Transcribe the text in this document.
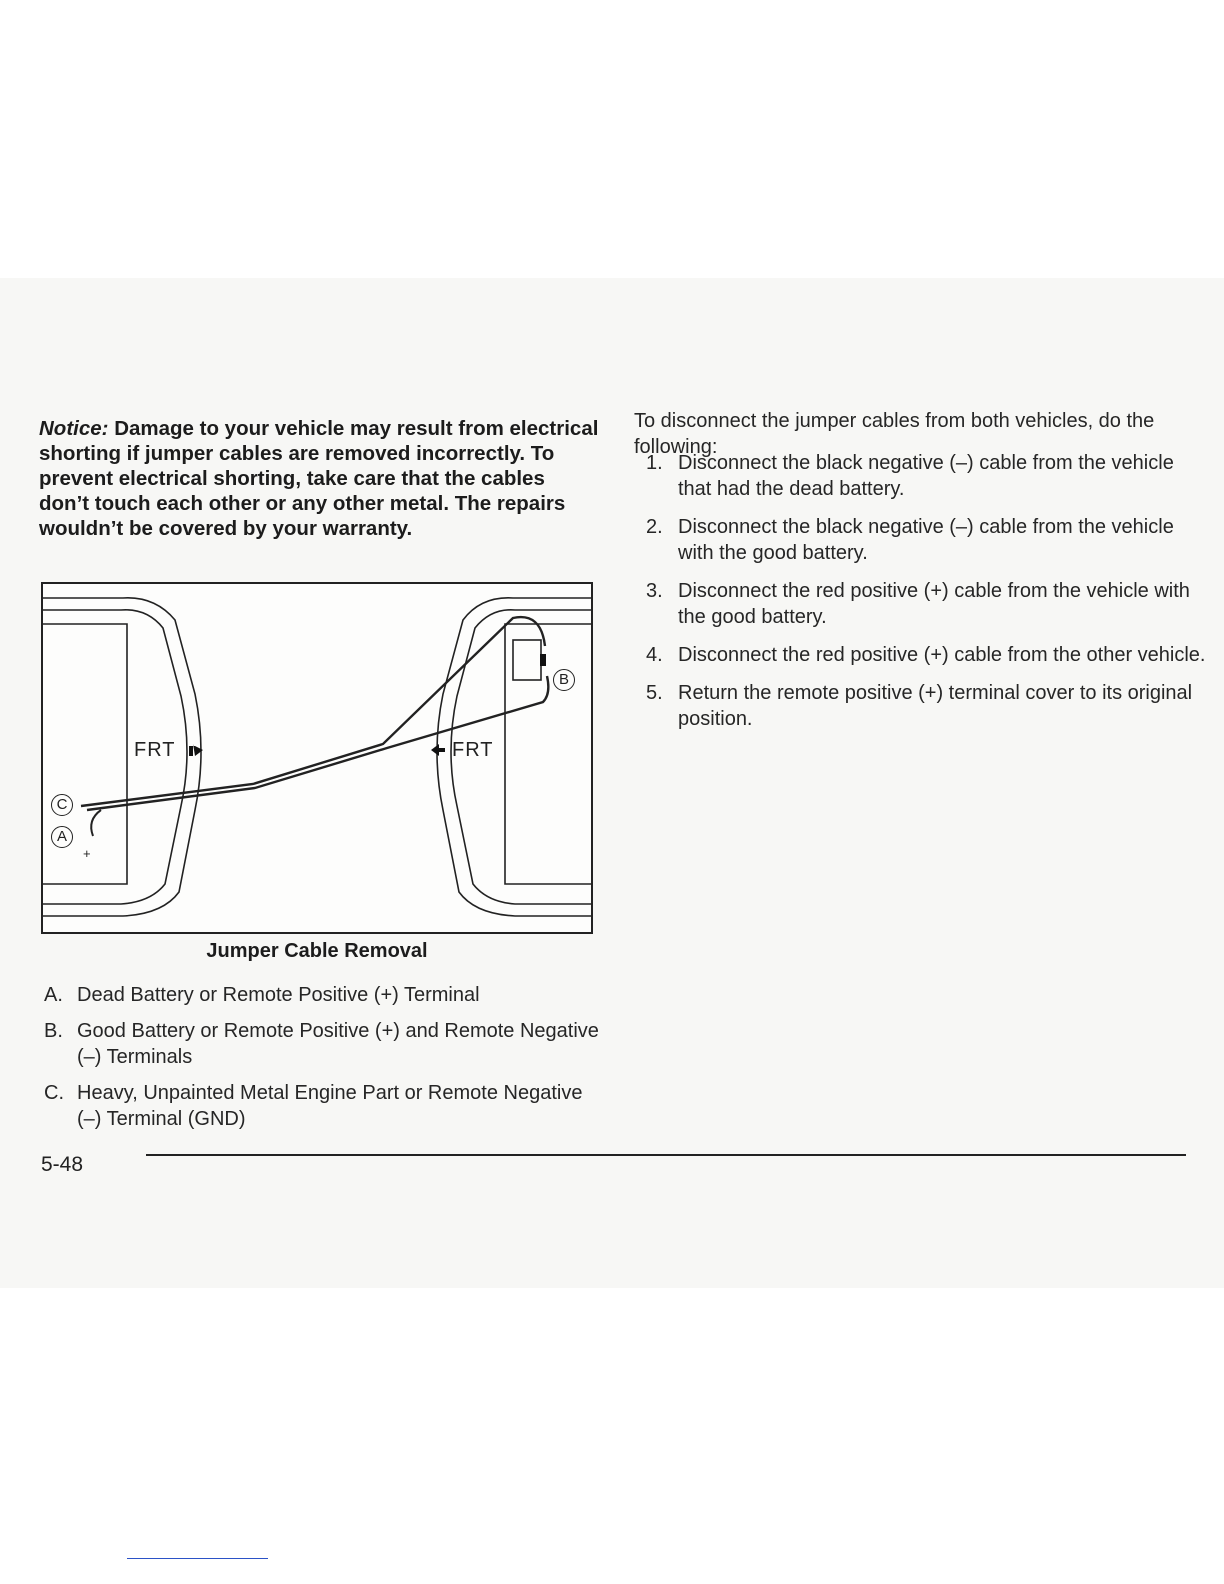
Notice: Damage to your vehicle may result from electrical shorting if jumper cables are removed incorrectly. To prevent electrical shorting, take care that the cables don’t touch each other or any other metal. The repairs wouldn’t be covered by your warranty.

FRT	FRT
C
A
B
+
Jumper Cable Removal
A. Dead Battery or Remote Positive (+) Terminal
B. Good Battery or Remote Positive (+) and Remote Negative (–) Terminals
C. Heavy, Unpainted Metal Engine Part or Remote Negative (–) Terminal (GND)

To disconnect the jumper cables from both vehicles, do the following:

1. Disconnect the black negative (–) cable from the vehicle that had the dead battery.
2. Disconnect the black negative (–) cable from the vehicle with the good battery.
3. Disconnect the red positive (+) cable from the vehicle with the good battery.
4. Disconnect the red positive (+) cable from the other vehicle.
5. Return the remote positive (+) terminal cover to its original position.
5-48
